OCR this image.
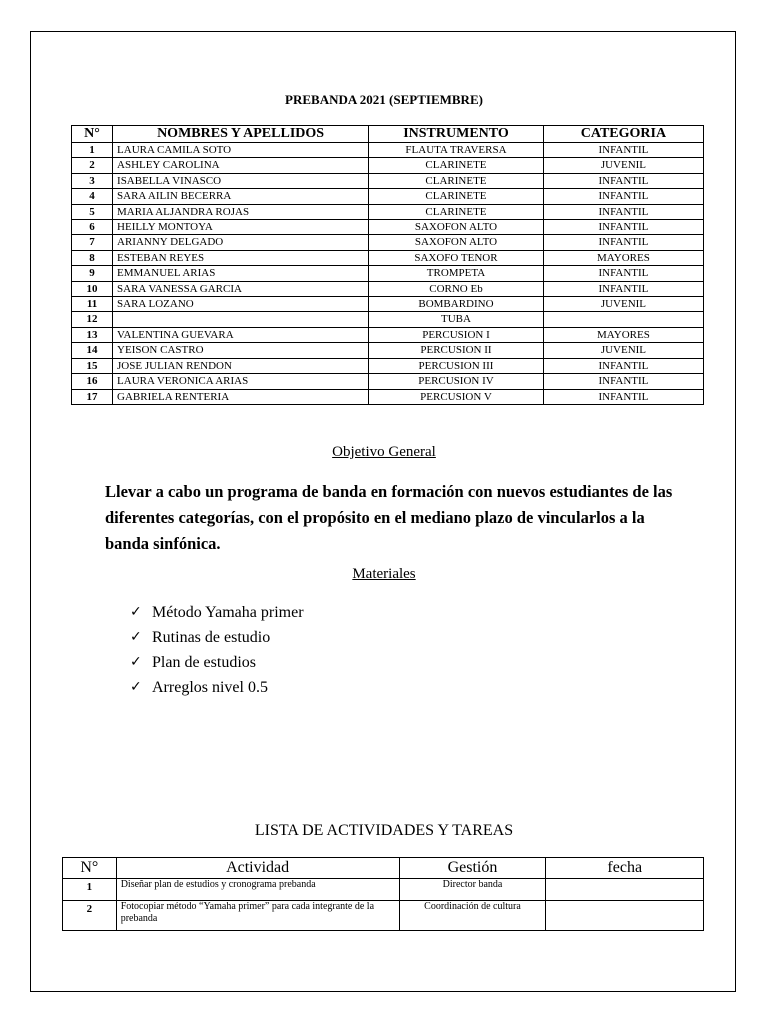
PREBANDA 2021 (SEPTIEMBRE)
N°	NOMBRES Y APELLIDOS	INSTRUMENTO	CATEGORIA
1	LAURA CAMILA SOTO	FLAUTA TRAVERSA	INFANTIL
2	ASHLEY CAROLINA	CLARINETE	JUVENIL
3	ISABELLA VINASCO	CLARINETE	INFANTIL
4	SARA AILIN BECERRA	CLARINETE	INFANTIL
5	MARIA ALJANDRA ROJAS	CLARINETE	INFANTIL
6	HEILLY MONTOYA	SAXOFON ALTO	INFANTIL
7	ARIANNY DELGADO	SAXOFON ALTO	INFANTIL
8	ESTEBAN REYES	SAXOFO TENOR	MAYORES
9	EMMANUEL ARIAS	TROMPETA	INFANTIL
10	SARA VANESSA GARCIA	CORNO Eb	INFANTIL
11	SARA LOZANO	BOMBARDINO	JUVENIL
12		TUBA	
13	VALENTINA GUEVARA	PERCUSION I	MAYORES
14	YEISON CASTRO	PERCUSION II	JUVENIL
15	JOSE JULIAN RENDON	PERCUSION III	INFANTIL
16	LAURA VERONICA ARIAS	PERCUSION IV	INFANTIL
17	GABRIELA RENTERIA	PERCUSION V	INFANTIL
Objetivo General
Llevar a cabo un programa de banda en formación con nuevos estudiantes de las diferentes categorías, con el propósito en el mediano plazo de vincularlos a la banda sinfónica.
Materiales
✓ Método Yamaha primer
✓ Rutinas de estudio
✓ Plan de estudios
✓ Arreglos nivel 0.5
LISTA DE ACTIVIDADES Y TAREAS
N°	Actividad	Gestión	fecha
1	Diseñar plan de estudios y cronograma prebanda	Director banda	
2	Fotocopiar método “Yamaha primer” para cada integrante de la prebanda	Coordinación de cultura	
